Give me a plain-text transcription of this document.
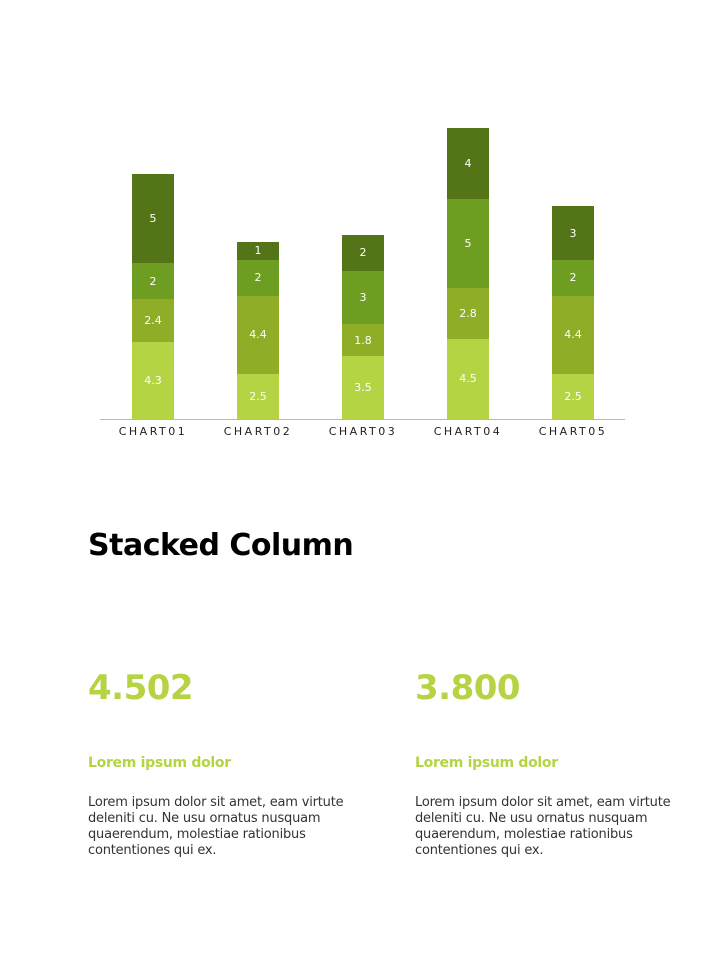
4.3
2.4
2
5
CHART01
2.5
4.4
2
1
CHART02
3.5
1.8
3
2
CHART03
4.5
2.8
5
4
CHART04
2.5
4.4
2
3
CHART05
Stacked Column
4.502
Lorem ipsum dolor
Lorem ipsum dolor sit amet, eam virtute deleniti cu. Ne usu ornatus nusquam quaerendum, molestiae rationibus contentiones qui ex.
3.800
Lorem ipsum dolor
Lorem ipsum dolor sit amet, eam virtute deleniti cu. Ne usu ornatus nusquam quaerendum, molestiae rationibus contentiones qui ex.
